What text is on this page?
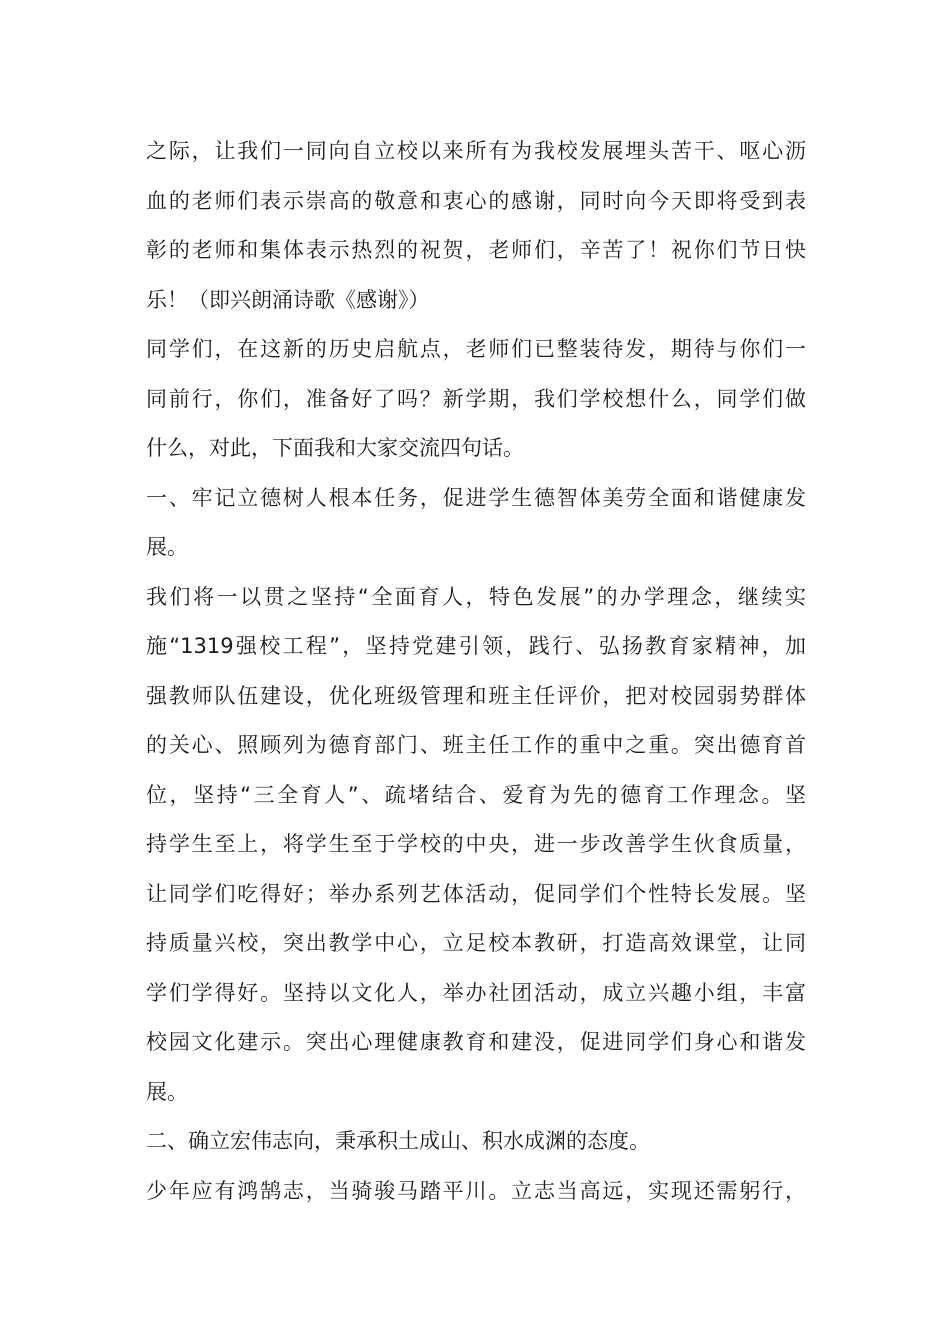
之际，让我们一同向自立校以来所有为我校发展埋头苦干、呕心沥
血的老师们表示崇高的敬意和衷心的感谢，同时向今天即将受到表
彰的老师和集体表示热烈的祝贺，老师们，辛苦了！祝你们节日快
乐！（即兴朗涌诗歌《感谢》）
同学们，在这新的历史启航点，老师们已整装待发，期待与你们一
同前行，你们，准备好了吗？新学期，我们学校想什么，同学们做
什么，对此，下面我和大家交流四句话。
一、牢记立德树人根本任务，促进学生德智体美劳全面和谐健康发
展。
我们将一以贯之坚持“全面育人，特色发展”的办学理念，继续实
施“1319强校工程”，坚持党建引领，践行、弘扬教育家精神，加
强教师队伍建设，优化班级管理和班主任评价，把对校园弱势群体
的关心、照顾列为德育部门、班主任工作的重中之重。突出德育首
位，坚持“三全育人”、疏堵结合、爱育为先的德育工作理念。坚
持学生至上，将学生至于学校的中央，进一步改善学生伙食质量，
让同学们吃得好；举办系列艺体活动，促同学们个性特长发展。坚
持质量兴校，突出教学中心，立足校本教研，打造高效课堂，让同
学们学得好。坚持以文化人，举办社团活动，成立兴趣小组，丰富
校园文化建示。突出心理健康教育和建没，促进同学们身心和谐发
展。
二、确立宏伟志向，秉承积土成山、积水成渊的态度。
少年应有鸿鹄志，当骑骏马踏平川。立志当高远，实现还需躬行，
